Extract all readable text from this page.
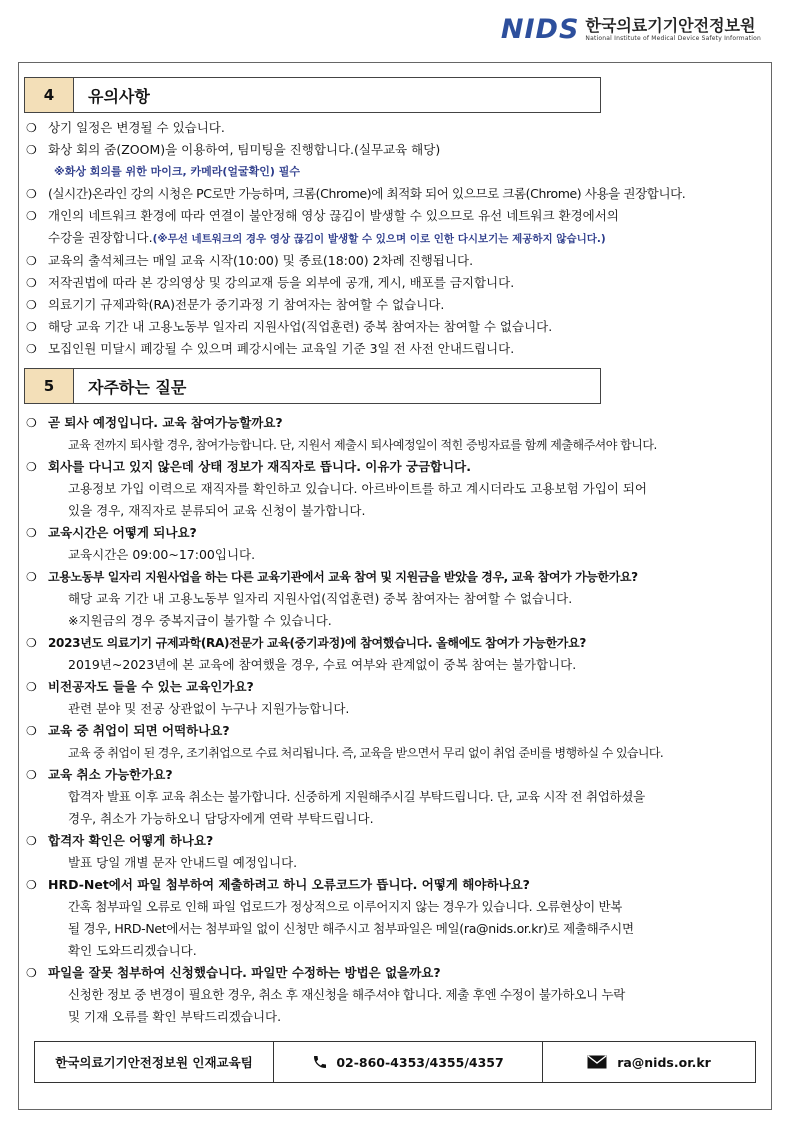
NIDS 한국의료기기안전정보원
National Institute of Medical Device Safety Information
4	유의사항
❍ 상기 일정은 변경될 수 있습니다.
❍ 화상 회의 줌(ZOOM)을 이용하여, 팀미팅을 진행합니다.(실무교육 해당)
※화상 회의를 위한 마이크, 카메라(얼굴확인) 필수
❍ (실시간)온라인 강의 시청은 PC로만 가능하며, 크롬(Chrome)에 최적화 되어 있으므로 크롬(Chrome) 사용을 권장합니다.
❍ 개인의 네트워크 환경에 따라 연결이 불안정해 영상 끊김이 발생할 수 있으므로 유선 네트워크 환경에서의
수강을 권장합니다.(※무선 네트워크의 경우 영상 끊김이 발생할 수 있으며 이로 인한 다시보기는 제공하지 않습니다.)
❍ 교육의 출석체크는 매일 교육 시작(10:00) 및 종료(18:00) 2차례 진행됩니다.
❍ 저작권법에 따라 본 강의영상 및 강의교재 등을 외부에 공개, 게시, 배포를 금지합니다.
❍ 의료기기 규제과학(RA)전문가 중기과정 기 참여자는 참여할 수 없습니다.
❍ 해당 교육 기간 내 고용노동부 일자리 지원사업(직업훈련) 중복 참여자는 참여할 수 없습니다.
❍ 모집인원 미달시 폐강될 수 있으며 폐강시에는 교육일 기준 3일 전 사전 안내드립니다.
5	자주하는 질문
❍ 곧 퇴사 예정입니다. 교육 참여가능할까요?
교육 전까지 퇴사할 경우, 참여가능합니다. 단, 지원서 제출시 퇴사예정일이 적힌 증빙자료를 함께 제출해주셔야 합니다.
❍ 회사를 다니고 있지 않은데 상태 정보가 재직자로 뜹니다. 이유가 궁금합니다.
고용정보 가입 이력으로 재직자를 확인하고 있습니다. 아르바이트를 하고 계시더라도 고용보험 가입이 되어
있을 경우, 재직자로 분류되어 교육 신청이 불가합니다.
❍ 교육시간은 어떻게 되나요?
교육시간은 09:00~17:00입니다.
❍ 고용노동부 일자리 지원사업을 하는 다른 교육기관에서 교육 참여 및 지원금을 받았을 경우, 교육 참여가 가능한가요?
해당 교육 기간 내 고용노동부 일자리 지원사업(직업훈련) 중복 참여자는 참여할 수 없습니다.
※지원금의 경우 중복지급이 불가할 수 있습니다.
❍ 2023년도 의료기기 규제과학(RA)전문가 교육(중기과정)에 참여했습니다. 올해에도 참여가 가능한가요?
2019년~2023년에 본 교육에 참여했을 경우, 수료 여부와 관계없이 중복 참여는 불가합니다.
❍ 비전공자도 들을 수 있는 교육인가요?
관련 분야 및 전공 상관없이 누구나 지원가능합니다.
❍ 교육 중 취업이 되면 어떡하나요?
교육 중 취업이 된 경우, 조기취업으로 수료 처리됩니다. 즉, 교육을 받으면서 무리 없이 취업 준비를 병행하실 수 있습니다.
❍ 교육 취소 가능한가요?
합격자 발표 이후 교육 취소는 불가합니다. 신중하게 지원해주시길 부탁드립니다. 단, 교육 시작 전 취업하셨을
경우, 취소가 가능하오니 담당자에게 연락 부탁드립니다.
❍ 합격자 확인은 어떻게 하나요?
발표 당일 개별 문자 안내드릴 예정입니다.
❍ HRD-Net에서 파일 첨부하여 제출하려고 하니 오류코드가 뜹니다. 어떻게 해야하나요?
간혹 첨부파일 오류로 인해 파일 업로드가 정상적으로 이루어지지 않는 경우가 있습니다. 오류현상이 반복
될 경우, HRD-Net에서는 첨부파일 없이 신청만 해주시고 첨부파일은 메일(ra@nids.or.kr)로 제출해주시면
확인 도와드리겠습니다.
❍ 파일을 잘못 첨부하여 신청했습니다. 파일만 수정하는 방법은 없을까요?
신청한 정보 중 변경이 필요한 경우, 취소 후 재신청을 해주셔야 합니다. 제출 후엔 수정이 불가하오니 누락
및 기재 오류를 확인 부탁드리겠습니다.
한국의료기기안전정보원 인재교육팀	02-860-4353/4355/4357	ra@nids.or.kr
